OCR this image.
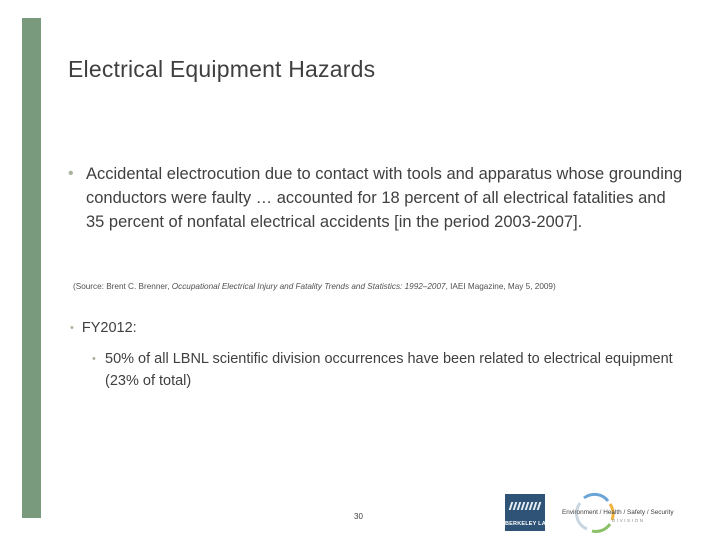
Electrical Equipment Hazards
• Accidental electrocution due to contact with tools and apparatus whose grounding conductors were faulty … accounted for 18 percent of all electrical fatalities and 35 percent of nonfatal electrical accidents [in the period 2003-2007].
(Source: Brent C. Brenner, Occupational Electrical Injury and Fatality Trends and Statistics: 1992–2007, IAEI Magazine, May 5, 2009)
• FY2012:
• 50% of all LBNL scientific division occurrences have been related to electrical equipment (23% of total)
30
BERKELEY LAB
Environment / Health / Safety / Security
DIVISION
